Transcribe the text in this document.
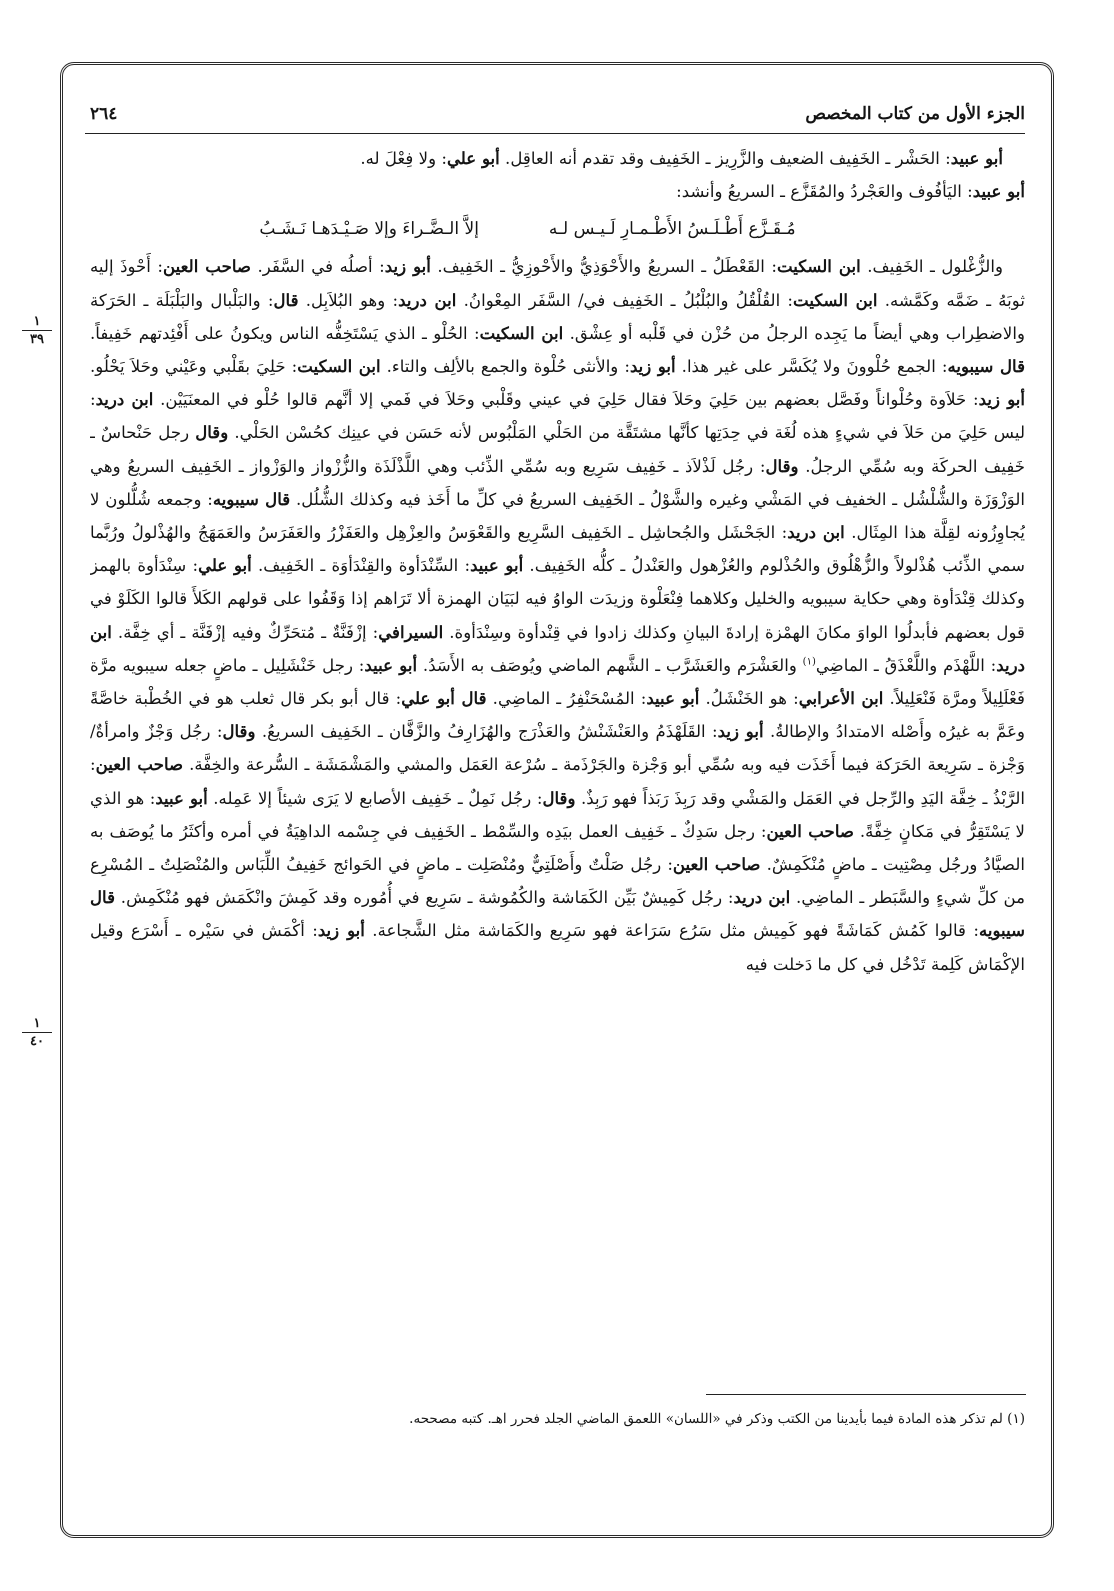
الجزء الأول من كتاب المخصص
٢٦٤
١
٣٩
١
٤٠

أبو عبيد: الحَشْر ـ الخَفِيف الضعيف والزَّرِيز ـ الخَفِيف وقد تقدم أنه العاقِل. أبو علي: ولا فِعْلَ له.

أبو عبيد: اليَأفُوف والعَجْردُ والمُقَزَّع ـ السريعُ وأنشد:

مُـقَـزَّع أَطْـلَـسُ الأَطْـمـارِ لَـيـس لـه
إلاَّ الـضَّـراءَ وإلا صَـيْـدَهـا نَـشَـبُ

والزُّغْلول ـ الخَفِيف. ابن السكيت: القَعْطَلُ ـ السريعُ والأَحْوَذِيُّ والأَحْوزِيُّ ـ الخَفِيف. أبو زيد: أصلُه في السَّفَر. صاحب العين: أَحْوذَ إليه ثوبَهُ ـ ضَمَّه وكَمَّشه. ابن السكيت: القُلْقُلُ والبُلْبُلُ ـ الخَفِيف في/ السَّفَر المِعْوانُ. ابن دريد: وهو البُلاَبِل. قال: والبَلْبال والبَلْبَلَة ـ الحَرَكة والاضطِراب وهي أيضاً ما يَجِده الرجلُ من حُزْن في قَلْبه أو عِشْق. ابن السكيت: الحُلْو ـ الذي يَسْتَخِفُّه الناس ويكونُ على أَفْئِدتهم خَفِيفاً. قال سيبويه: الجمع حُلْوونَ ولا يُكَسَّر على غير هذا. أبو زيد: والأنثى حُلْوة والجمع بالألِف والتاء. ابن السكيت: حَلِيَ بقَلْبي وعَيْني وحَلاَ يَحْلُو. أبو زيد: حَلاَوة وحُلْواناً وفَصَّل بعضهم بين حَلِيَ وحَلاَ فقال حَلِيَ في عيني وقَلْبي وحَلاَ في فَمي إلا أنَّهم قالوا حُلْو في المعنَيَيْن. ابن دريد: ليس حَلِيَ من حَلاَ في شيءٍ هذه لُغَة في حِدَتِها كأنَّها مشتَقَّة من الحَلْي المَلْبُوس لأنه حَسَن في عينِك كحُسْن الحَلْي. وقال رجل حَنْحاسٌ ـ خَفِيف الحركَة وبه سُمِّي الرجلُ. وقال: رجُل لَذْلاَذ ـ خَفِيف سَرِيع وبه سُمِّي الذِّئب وهي اللَّذْلَذَة والزُّزْواز والوَزْواز ـ الخَفِيف السريعُ وهي الوَزْوَزَة والشُّلْشُل ـ الخفيف في المَشْي وغيره والشَّوْلُ ـ الخَفِيف السريعُ في كلِّ ما أَخَذ فيه وكذلك الشُّلُل. قال سيبويه: وجمعه شُلُّلون لا يُجاوِزُونه لقِلَّة هذا المِثَال. ابن دريد: الجَحْشَل والجُحاشِل ـ الخَفِيف السَّرِيع والقَعْوَسُ والعِزْهِل والعَفَزْرُ والعَفَرَسُ والعَمَهَجُ والهُذْلولُ ورُبَّما سمي الذِّئب هُذْلولاً والزُّهْلُوق والحُذْلوم والعُزْهول والعَنْدلُ ـ كلُّه الخَفِيف. أبو عبيد: السِّنْدَأوة والقِنْدَأوَة ـ الخَفِيف. أبو علي: سِنْدَأوة بالهمز وكذلك قِنْدَأوة وهي حكاية سيبويه والخليل وكلاهما فِنْعَلْوة وزيدَت الواوُ فيه لبَيَان الهمزة ألا تَرَاهم إذا وَقَفُوا على قولهم الكَلأَ قالوا الكَلَوْ في قول بعضهم فأبدلُوا الواوَ مكانَ الهمْزة إرادةَ البيانِ وكذلك زادوا في قِنْدأوة وسِنْدَأوة. السيرافي: إزْفَنَّةٌ ـ مُتحَرِّكٌ وفيه إزْفَنَّة ـ أي خِفَّة. ابن دريد: اللَّهْذَم واللَّعْذَقُ ـ الماضِي$^{(١)}$ والعَشْرَم والعَشَرَّب ـ الشَّهم الماضي ويُوصَف به الأَسَدُ. أبو عبيد: رجل خَنْشَلِيل ـ ماضٍ جعله سيبويه مرَّة فَعْلَلِيلاً ومرَّة فَنْعَلِيلاً. ابن الأعرابي: هو الخَنْشَلُ. أبو عبيد: المُسْحَنْفِرُ ـ الماضِي. قال أبو علي: قال أبو بكر قال ثعلب هو في الخُطْبة خاصَّةً وعَمَّ به غيرُه وأَصْله الامتدادُ والإطالةُ. أبو زيد: القَلَهْذَمُ والعَنْشَنْشُ والعَذْرَج والهُزَارِفُ والزَّفَّان ـ الخَفِيف السريعُ. وقال: رجُل وَجْزٌ وامرأةٌ/ وَجْزة ـ سَرِيعة الحَرَكة فيما أَخَذَت فيه وبه سُمِّي أبو وَجْزة والجَرْذَمة ـ سُرْعة العَمَل والمشي والمَشْمَشَة ـ السُّرعة والخِفَّة. صاحب العين: الرَّبْذُ ـ خِفَّة اليَدِ والرِّجل في العَمَل والمَشْي وقد رَبِذَ رَبَذاً فهو رَبِذٌ. وقال: رجُل نَمِلٌ ـ خَفِيف الأصابع لا يَرَى شيئاً إلا عَمِله. أبو عبيد: هو الذي لا يَسْتَقِرُّ في مَكانٍ خِفَّةً. صاحب العين: رجل سَدِكٌ ـ خَفِيف العمل بيَدِه والسِّمْط ـ الخَفِيف في جِسْمه الداهِيَةُ في أمره وأكثَرُ ما يُوصَف به الصيَّادُ ورجُل مِصْتِيت ـ ماضٍ مُنْكَمِشٌ. صاحب العين: رجُل صَلْتٌ وأَصْلَتِيٌّ ومُنْصَلِت ـ ماضٍ في الحَوائج خَفِيفُ اللِّبَاس والمُنْصَلِتُ ـ المُسْرِع من كلِّ شيءٍ والسَّبَطر ـ الماضِي. ابن دريد: رجُل كَمِيشٌ بَيِّن الكَمَاشة والكُمُوشة ـ سَرِيع في أُمُوره وقد كَمِشَ وانْكَمَش فهو مُنْكَمِش. قال سيبويه: قالوا كَمُش كَمَاشَةً فهو كَمِيش مثل سَرُع سَرَاعة فهو سَرِيع والكَمَاشة مثل الشَّجاعة. أبو زيد: أكْمَش في سَيْره ـ أَسْرَع وقيل الإكْمَاش كَلِمة تَدْخُل في كل ما دَخلت فيه

(١) لم تذكر هذه المادة فيما بأيدينا من الكتب وذكر في «اللسان» اللعمق الماضي الجلد فحرر اهـ. كتبه مصححه.
